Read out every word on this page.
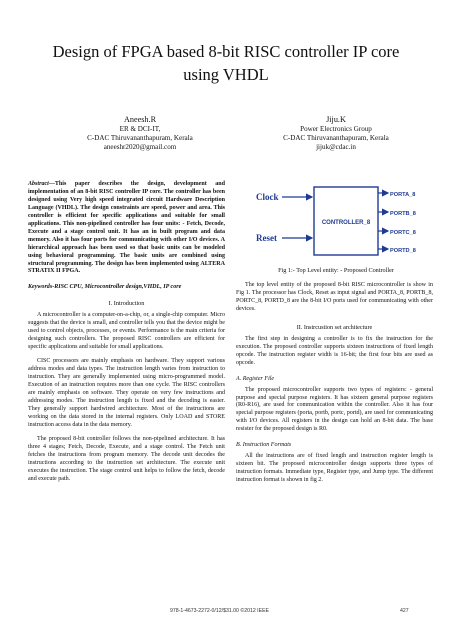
Design of FPGA based 8-bit RISC controller IP core
using VHDL
Aneesh.R
ER & DCI-IT,
C-DAC Thiruvananthapuram, Kerala
aneeshr2020@gmail.com
Jiju.K
Power Electronics Group
C-DAC Thiruvananthapuram, Kerala
jijuk@cdac.in

Abstract—This paper describes the design, development and implementation of an 8-bit RISC controller IP core. The controller has been designed using Very high speed integrated circuit Hardware Description Language (VHDL). The design constraints are speed, power and area. This controller is efficient for specific applications and suitable for small applications. This non-pipelined controller has four units: - Fetch, Decode, Execute and a stage control unit. It has an in built program and data memory. Also it has four ports for communicating with other I/O devices. A hierarchical approach has been used so that basic units can be modeled using behavioral programming. The basic units are combined using structural programming. The design has been implemented using ALTERA STRATIX II FPGA.

Keywords-RISC CPU, Microcontroller design,VHDL, IP core

I. Introduction

A microcontroller is a computer-on-a-chip, or, a single-chip computer. Micro suggests that the device is small, and controller tells you that the device might be used to control objects, processes, or events. Performance is the main criteria for designing such controllers. The proposed RISC controllers are efficient for specific applications and suitable for small applications.

CISC processors are mainly emphasis on hardware. They support various address modes and data types. The instruction length varies from instruction to instruction. They are generally implemented using micro-programmed model. Execution of an instruction requires more than one cycle. The RISC controllers are mainly emphasis on software. They operate on very few instructions and addressing modes. The instruction length is fixed and the decoding is easier. They generally support hardwired architecture. Most of the instructions are working on the data stored in the internal registers. Only LOAD and STORE instruction access data in the data memory.

The proposed 8-bit controller follows the non-pipelined architecture. It has three 4 stages; Fetch, Decode, Execute, and a stage control. The Fetch unit fetches the instructions from program memory. The decode unit decodes the instructions according to the instruction set architecture. The execute unit executes the instruction. The stage control unit helps to follow the fetch, decode and execute path.

Clock
Reset
CONTROLLER_8
PORTA_8
PORTB_8
PORTC_8
PORTD_8
Fig 1:- Top Level entity: - Proposed Controller

The top level entity of the proposed 8-bit RISC microcontroller is show in Fig 1. The processor has Clock, Reset as input signal and PORTA_8, PORTB_8, PORTC_8, PORTD_8 are the 8-bit I/O ports used for communicating with other devices.

II. Instrcustion set architecture

The first step in designing a controller is to fix the instruction for the execution. The proposed controller supports sixteen instructions of fixed length opcode. The instruction register width is 16-bit; the first four bits are used as opcode.

A. Register File

The proposed microcontroller supports two types of registers: - general purpose and special purpose registers. It has sixteen general purpose registers (R0-R16), are used for communication within the controller. Also it has four special purpose registers (porta, portb, portc, portd), are used for communicating with I/O devices. All registers in the design can hold an 8-bit data. The base resister for the proposed design is R0.

B. Instruction Formats

All the instructions are of fixed length and instruction register length is sixteen bit. The proposed microcontroller design supports three types of instruction formats. Immediate type, Register type, and Jump type. The different instruction format is shown in fig 2.

978-1-4673-2272-0/12/$31.00 ©2012 IEEE	427
